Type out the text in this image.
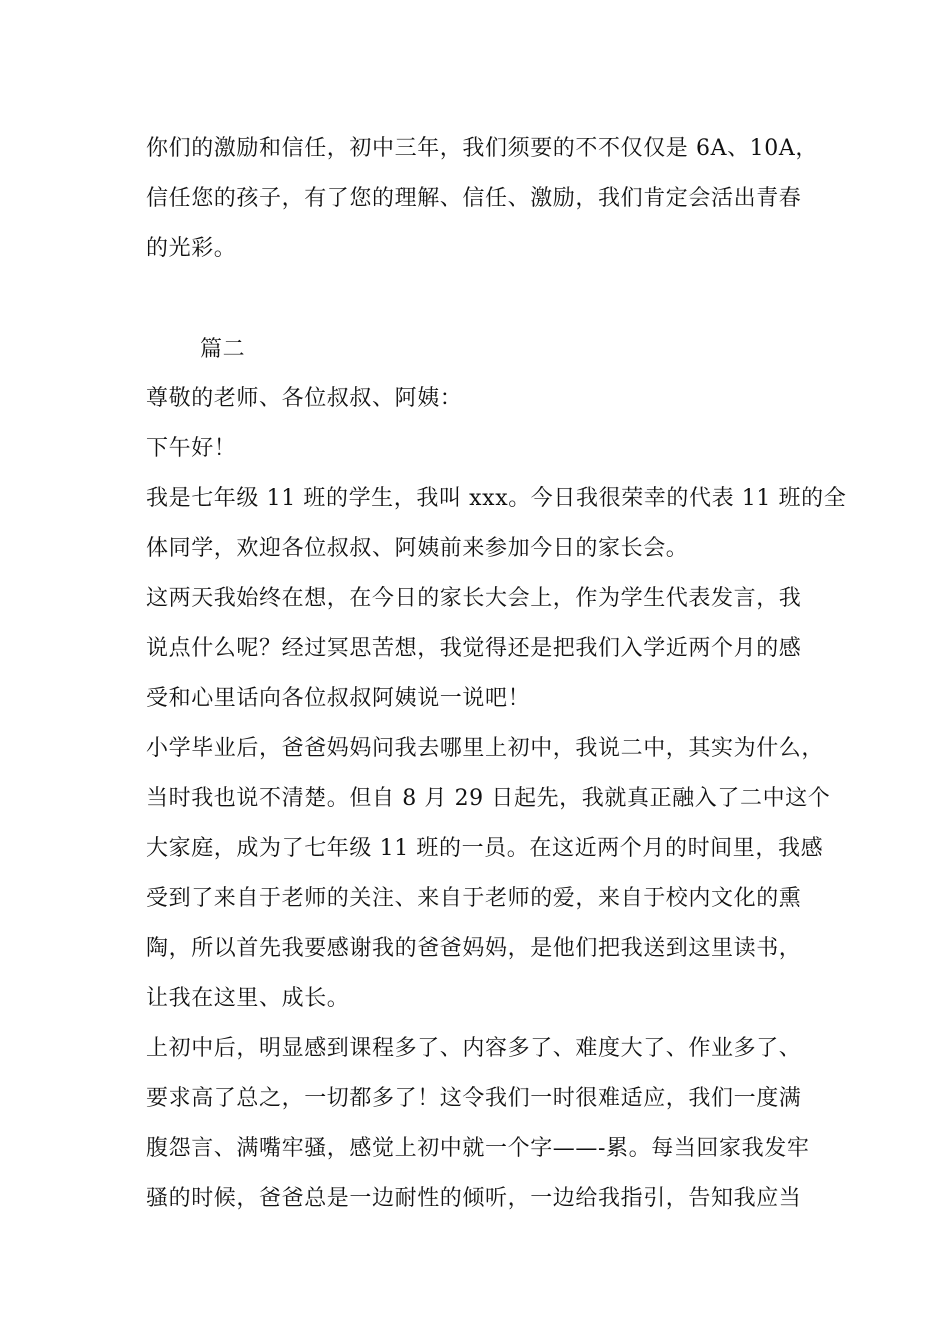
你们的激励和信任，初中三年，我们须要的不不仅仅是 6A、10A，
信任您的孩子，有了您的理解、信任、激励，我们肯定会活出青春
的光彩。
篇二
尊敬的老师、各位叔叔、阿姨：
下午好！
我是七年级 11 班的学生，我叫 xxx。今日我很荣幸的代表 11 班的全
体同学，欢迎各位叔叔、阿姨前来参加今日的家长会。
这两天我始终在想，在今日的家长大会上，作为学生代表发言，我
说点什么呢？经过冥思苦想，我觉得还是把我们入学近两个月的感
受和心里话向各位叔叔阿姨说一说吧！
小学毕业后，爸爸妈妈问我去哪里上初中，我说二中，其实为什么，
当时我也说不清楚。但自 8 月 29 日起先，我就真正融入了二中这个
大家庭，成为了七年级 11 班的一员。在这近两个月的时间里，我感
受到了来自于老师的关注、来自于老师的爱，来自于校内文化的熏
陶，所以首先我要感谢我的爸爸妈妈，是他们把我送到这里读书，
让我在这里、成长。
上初中后，明显感到课程多了、内容多了、难度大了、作业多了、
要求高了总之，一切都多了！这令我们一时很难适应，我们一度满
腹怨言、满嘴牢骚，感觉上初中就一个字——-累。每当回家我发牢
骚的时候，爸爸总是一边耐性的倾听，一边给我指引，告知我应当
